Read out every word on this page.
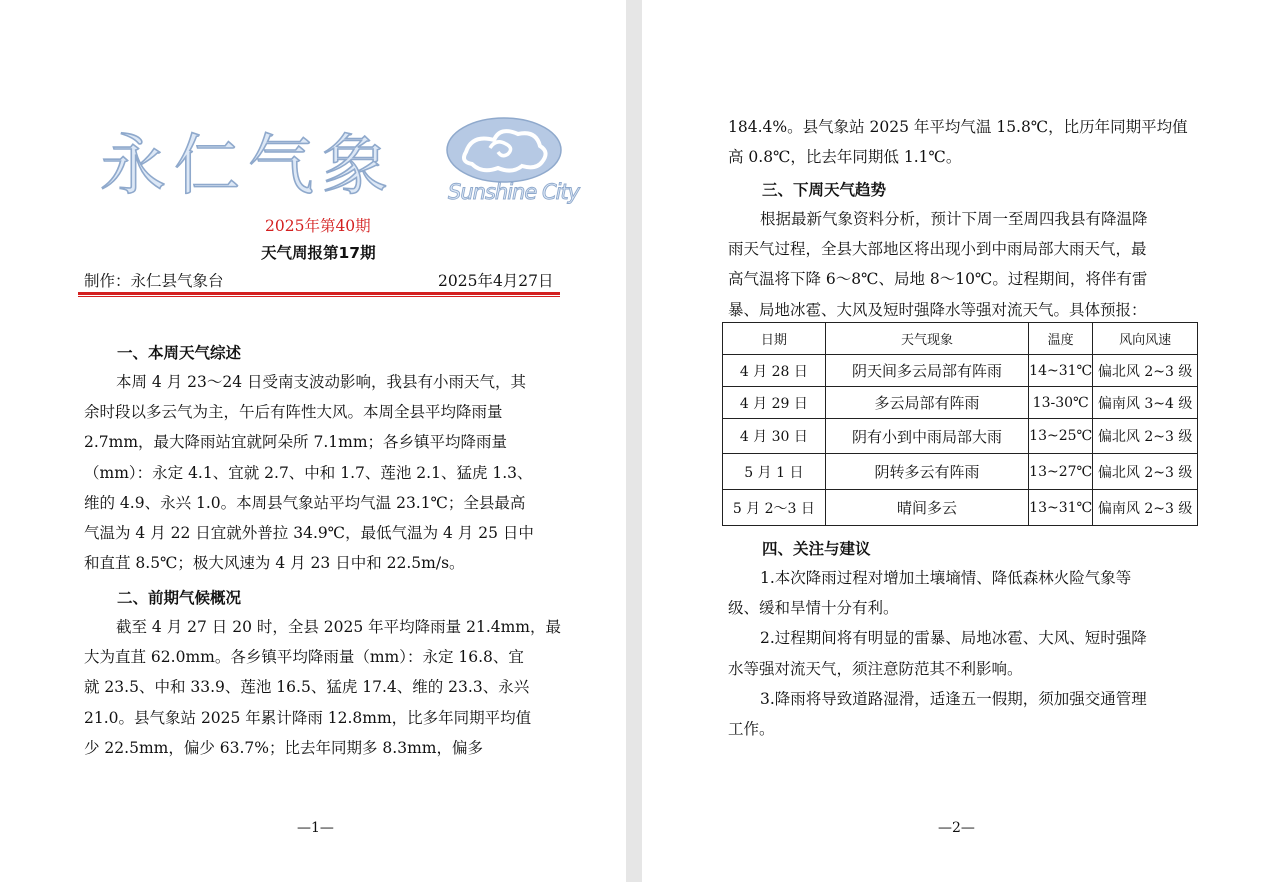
永仁气象 Sunshine City
2025年第40期
天气周报第17期
制作：永仁县气象台	2025年4月27日
一、本周天气综述
本周 4 月 23～24 日受南支波动影响，我县有小雨天气，其
余时段以多云气为主，午后有阵性大风。本周全县平均降雨量
2.7mm，最大降雨站宜就阿朵所 7.1mm；各乡镇平均降雨量
（mm）：永定 4.1、宜就 2.7、中和 1.7、莲池 2.1、猛虎 1.3、
维的 4.9、永兴 1.0。本周县气象站平均气温 23.1℃；全县最高
气温为 4 月 22 日宜就外普拉 34.9℃，最低气温为 4 月 25 日中
和直苴 8.5℃；极大风速为 4 月 23 日中和 22.5m/s。
二、前期气候概况
截至 4 月 27 日 20 时，全县 2025 年平均降雨量 21.4mm，最
大为直苴 62.0mm。各乡镇平均降雨量（mm）：永定 16.8、宜
就 23.5、中和 33.9、莲池 16.5、猛虎 17.4、维的 23.3、永兴
21.0。县气象站 2025 年累计降雨 12.8mm，比多年同期平均值
少 22.5mm，偏少 63.7%；比去年同期多 8.3mm，偏多
—1—
184.4%。县气象站 2025 年平均气温 15.8℃，比历年同期平均值
高 0.8℃，比去年同期低 1.1℃。
三、下周天气趋势
根据最新气象资料分析，预计下周一至周四我县有降温降
雨天气过程，全县大部地区将出现小到中雨局部大雨天气，最
高气温将下降 6～8℃、局地 8～10℃。过程期间，将伴有雷
暴、局地冰雹、大风及短时强降水等强对流天气。具体预报：
日期	天气现象	温度	风向风速
4 月 28 日	阴天间多云局部有阵雨	14~31℃	偏北风 2~3 级
4 月 29 日	多云局部有阵雨	13-30℃	偏南风 3~4 级
4 月 30 日	阴有小到中雨局部大雨	13~25℃	偏北风 2~3 级
5 月 1 日	阴转多云有阵雨	13~27℃	偏北风 2~3 级
5 月 2～3 日	晴间多云	13~31℃	偏南风 2~3 级
四、关注与建议
1.本次降雨过程对增加土壤墒情、降低森林火险气象等
级、缓和旱情十分有利。
2.过程期间将有明显的雷暴、局地冰雹、大风、短时强降
水等强对流天气，须注意防范其不利影响。
3.降雨将导致道路湿滑，适逢五一假期，须加强交通管理
工作。
—2—
